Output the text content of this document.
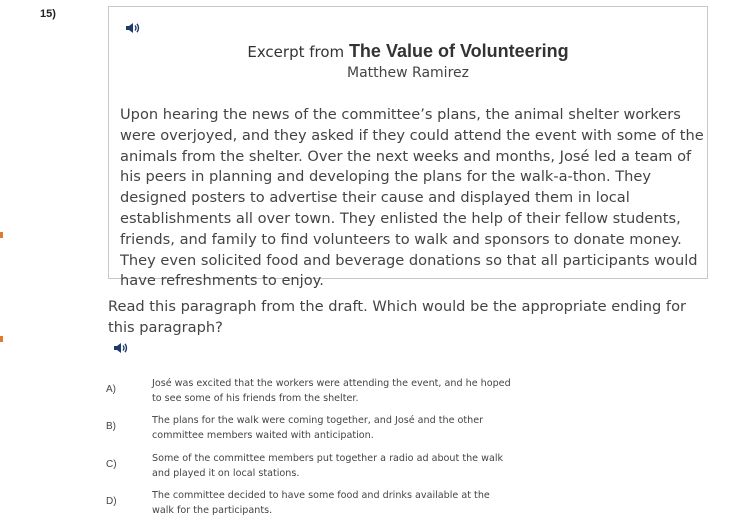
15)
Excerpt from The Value of Volunteering
Matthew Ramirez

Upon hearing the news of the committee’s plans, the animal shelter workers were overjoyed, and they asked if they could attend the event with some of the animals from the shelter. Over the next weeks and months, José led a team of his peers in planning and developing the plans for the walk-a-thon. They designed posters to advertise their cause and displayed them in local establishments all over town. They enlisted the help of their fellow students, friends, and family to find volunteers to walk and sponsors to donate money. They even solicited food and beverage donations so that all participants would have refreshments to enjoy.

Read this paragraph from the draft. Which would be the appropriate ending for this paragraph?

A)
José was excited that the workers were attending the event, and he hoped to see some of his friends from the shelter.
B)
The plans for the walk were coming together, and José and the other committee members waited with anticipation.
C)
Some of the committee members put together a radio ad about the walk and played it on local stations.
D)
The committee decided to have some food and drinks available at the walk for the participants.
